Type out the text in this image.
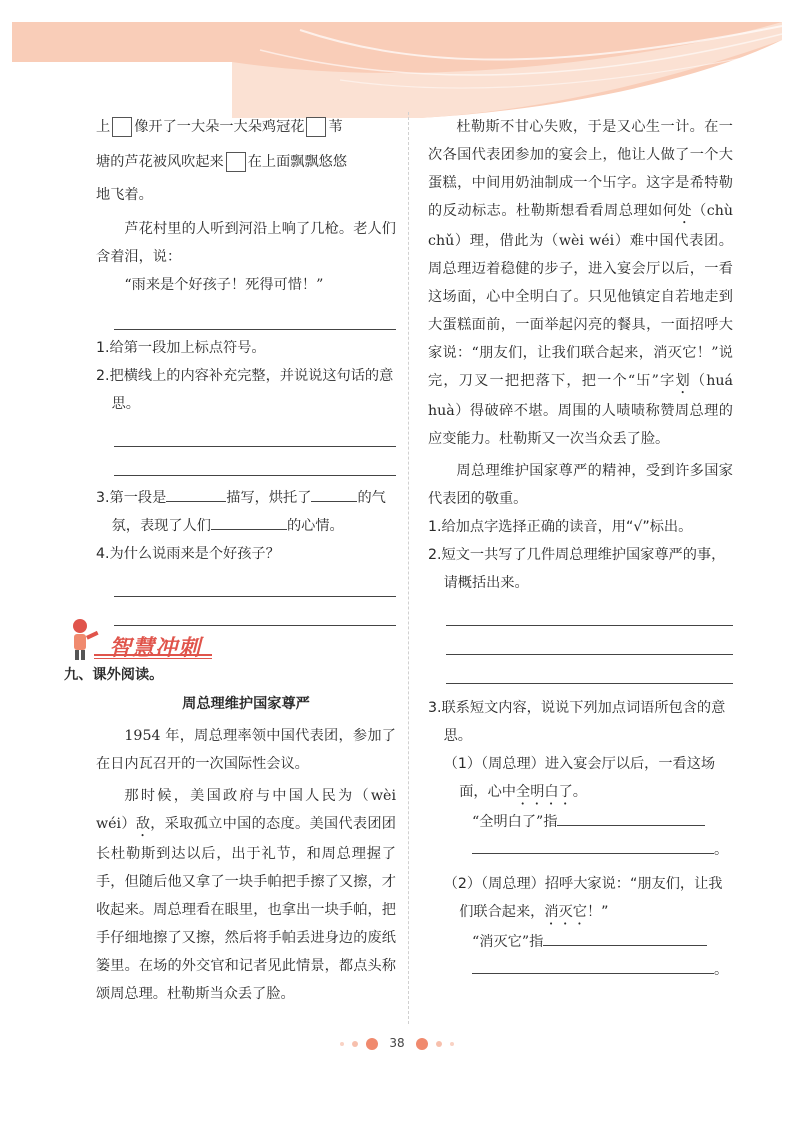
上 像开了一大朵一大朵鸡冠花 苇

塘的芦花被风吹起来 在上面飘飘悠悠

地飞着。

芦花村里的人听到河沿上响了几枪。老人们含着泪，说：

“雨来是个好孩子！死得可惜！”

1.给第一段加上标点符号。

2.把横线上的内容补充完整，并说说这句话的意思。

3.第一段是	描写，烘托了	的气氛，表现了人们	的心情。

4.为什么说雨来是个好孩子？

智慧冲刺

九、课外阅读。

周总理维护国家尊严

1954 年，周总理率领中国代表团，参加了在日内瓦召开的一次国际性会议。

那时候，美国政府与中国人民为（wèi wéi）敌，采取孤立中国的态度。美国代表团团长杜勒斯到达以后，出于礼节，和周总理握了手，但随后他又拿了一块手帕把手擦了又擦，才收起来。周总理看在眼里，也拿出一块手帕，把手仔细地擦了又擦，然后将手帕丢进身边的废纸篓里。在场的外交官和记者见此情景，都点头称颂周总理。杜勒斯当众丢了脸。

杜勒斯不甘心失败，于是又心生一计。在一次各国代表团参加的宴会上，他让人做了一个大蛋糕，中间用奶油制成一个卐字。这字是希特勒的反动标志。杜勒斯想看看周总理如何处（chù chǔ）理，借此为（wèi wéi）难中国代表团。周总理迈着稳健的步子，进入宴会厅以后，一看这场面，心中全明白了。只见他镇定自若地走到大蛋糕面前，一面举起闪亮的餐具，一面招呼大家说：“朋友们，让我们联合起来，消灭它！”说完，刀叉一把把落下，把一个“卐”字划（huá huà）得破碎不堪。周围的人啧啧称赞周总理的应变能力。杜勒斯又一次当众丢了脸。

周总理维护国家尊严的精神，受到许多国家代表团的敬重。

1.给加点字选择正确的读音，用“√”标出。

2.短文一共写了几件周总理维护国家尊严的事，请概括出来。

3.联系短文内容，说说下列加点词语所包含的意思。

（1）（周总理）进入宴会厅以后，一看这场面，心中全明白了。

“全明白了”指

。

（2）（周总理）招呼大家说：“朋友们，让我们联合起来，消灭它！”

“消灭它”指

。

38
